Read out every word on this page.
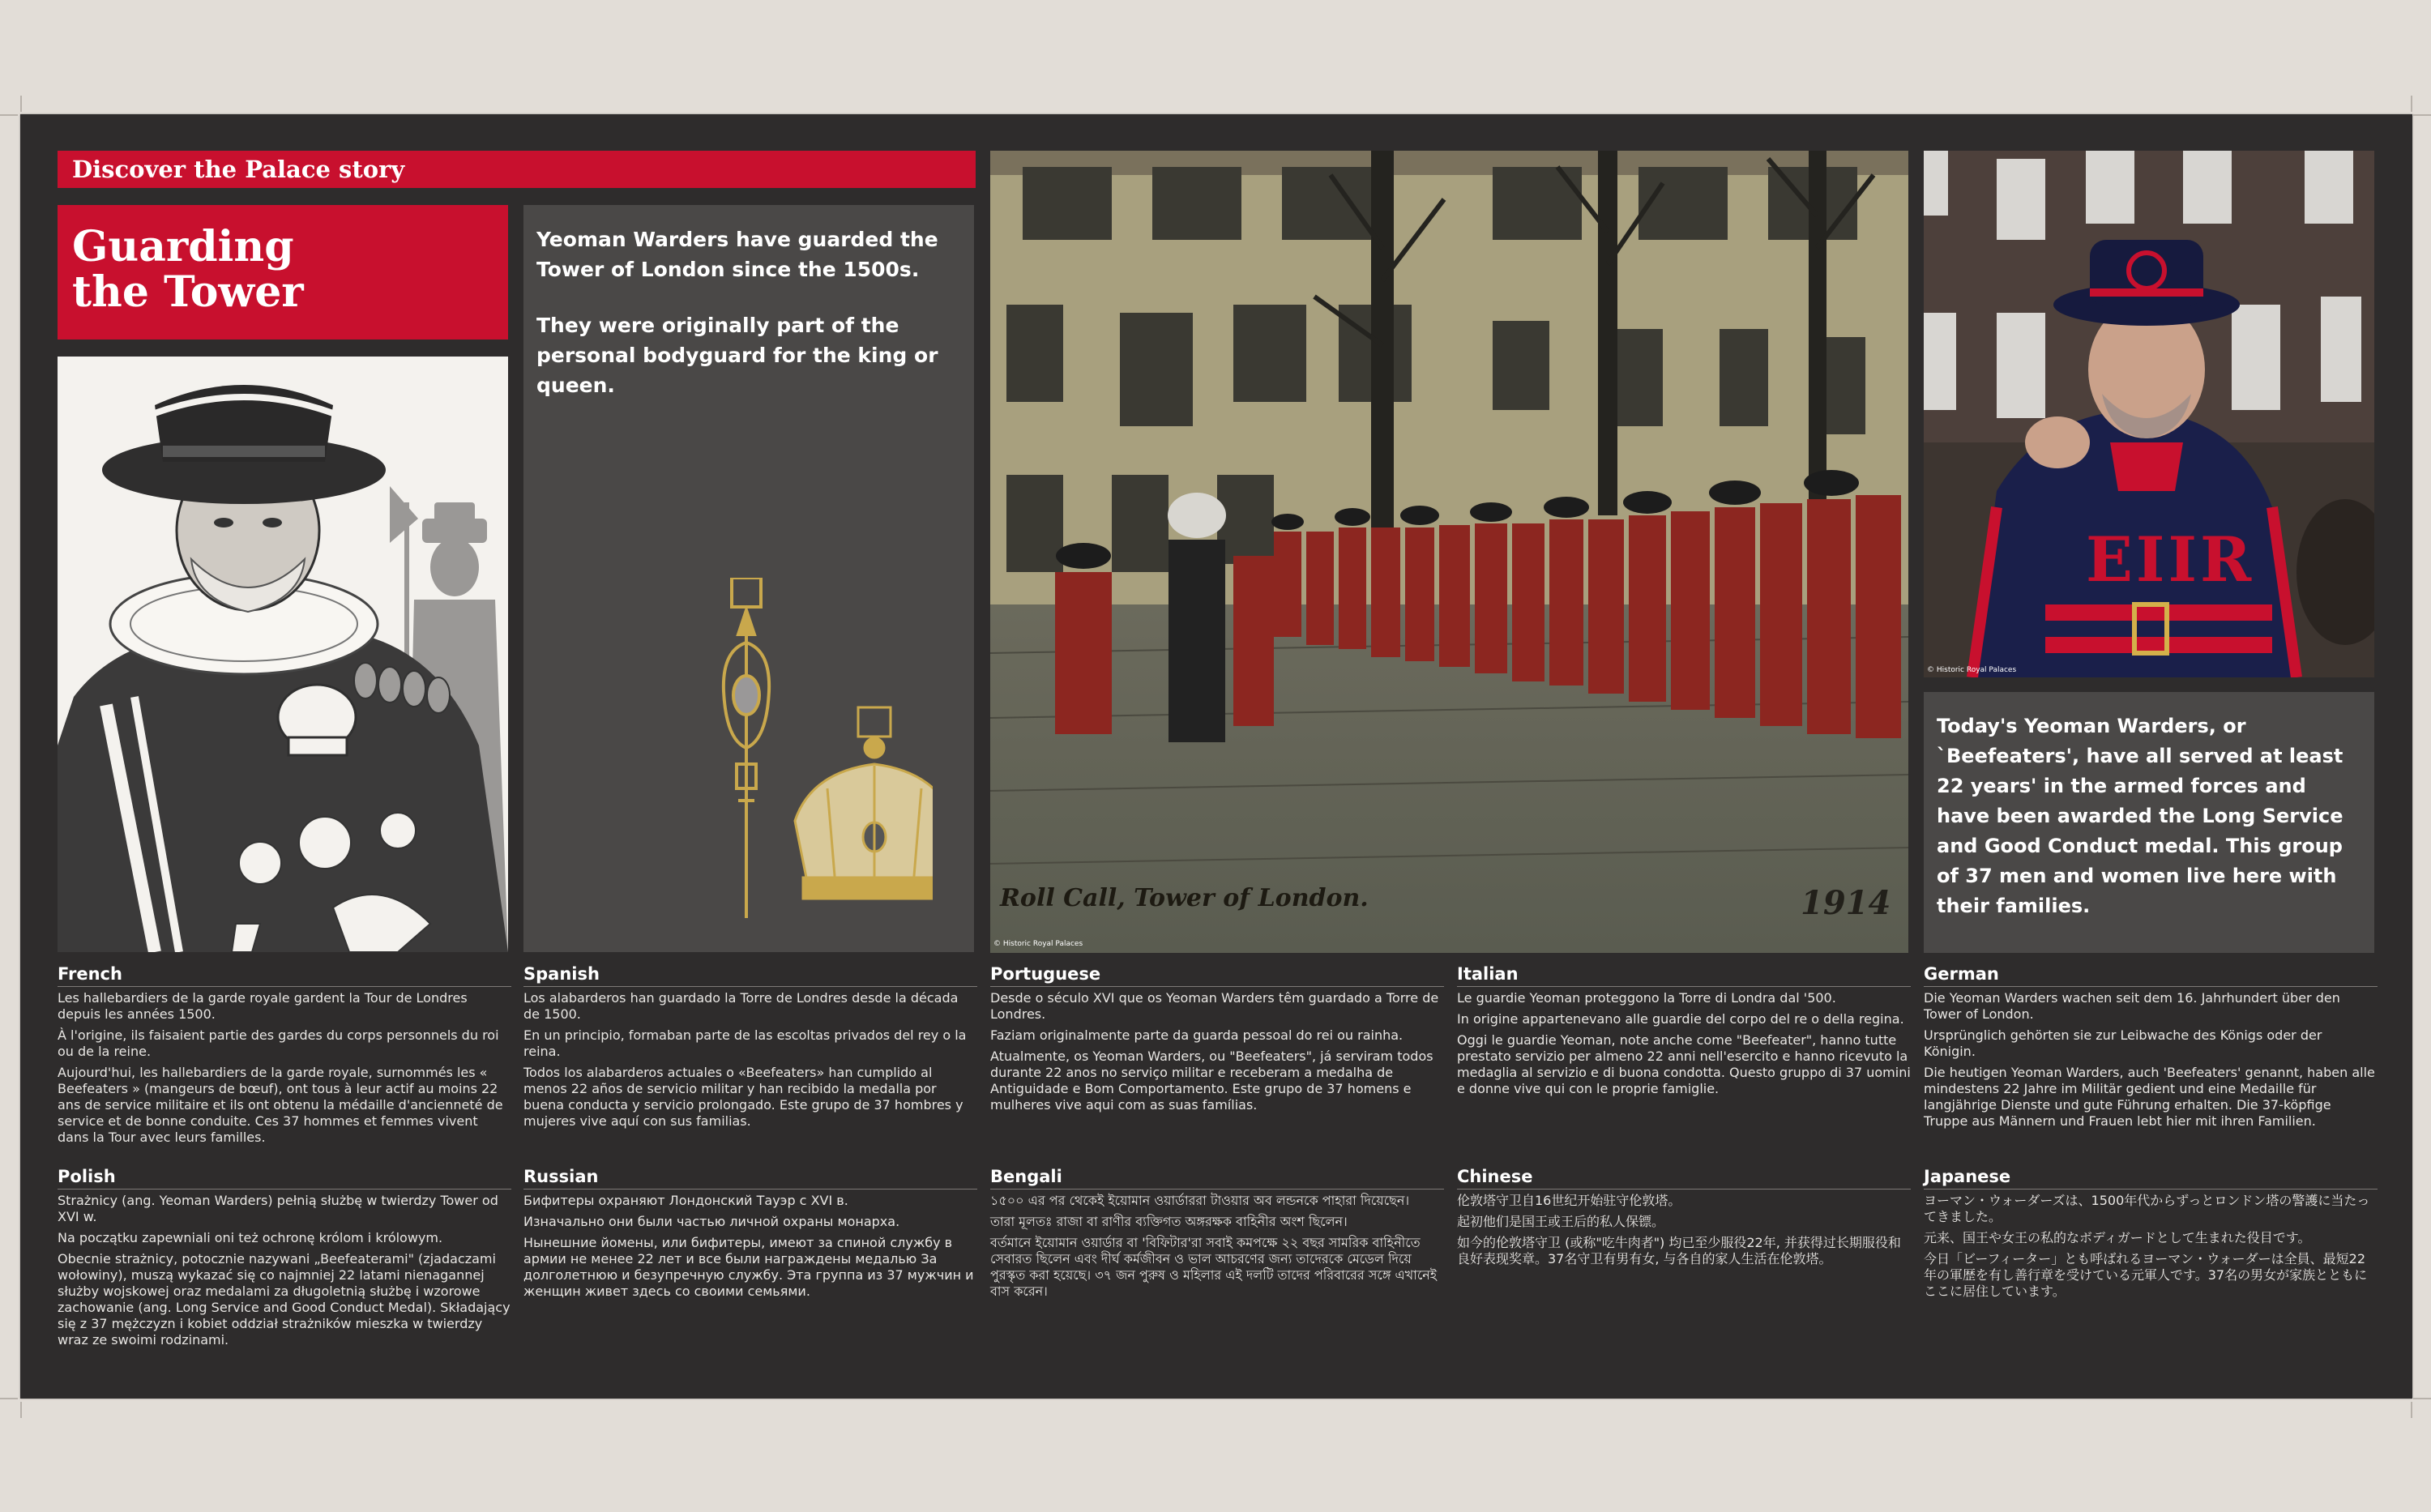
Discover the Palace story
Guarding
the Tower

Yeoman Warders have guarded the Tower of London since the 1500s.

They were originally part of the personal bodyguard for the king or queen.

Roll Call, Tower of London.	1914
© Historic Royal Palaces
EIIR
© Historic Royal Palaces
Today's Yeoman Warders, or `Beefeaters', have all served at least 22 years' in the armed forces and have been awarded the Long Service and Good Conduct medal. This group of 37 men and women live here with their families.
French

Les hallebardiers de la garde royale gardent la Tour de Londres depuis les années 1500.

À l'origine, ils faisaient partie des gardes du corps personnels du roi ou de la reine.

Aujourd'hui, les hallebardiers de la garde royale, surnommés les « Beefeaters » (mangeurs de bœuf), ont tous à leur actif au moins 22 ans de service militaire et ils ont obtenu la médaille d'ancienneté de service et de bonne conduite. Ces 37 hommes et femmes vivent dans la Tour avec leurs familles.

Spanish

Los alabarderos han guardado la Torre de Londres desde la década de 1500.

En un principio, formaban parte de las escoltas privados del rey o la reina.

Todos los alabarderos actuales o «Beefeaters» han cumplido al menos 22 años de servicio militar y han recibido la medalla por buena conducta y servicio prolongado. Este grupo de 37 hombres y mujeres vive aquí con sus familias.

Portuguese

Desde o século XVI que os Yeoman Warders têm guardado a Torre de Londres.

Faziam originalmente parte da guarda pessoal do rei ou rainha.

Atualmente, os Yeoman Warders, ou "Beefeaters", já serviram todos durante 22 anos no serviço militar e receberam a medalha de Antiguidade e Bom Comportamento. Este grupo de 37 homens e mulheres vive aqui com as suas famílias.

Italian

Le guardie Yeoman proteggono la Torre di Londra dal '500.

In origine appartenevano alle guardie del corpo del re o della regina.

Oggi le guardie Yeoman, note anche come "Beefeater", hanno tutte prestato servizio per almeno 22 anni nell'esercito e hanno ricevuto la medaglia al servizio e di buona condotta. Questo gruppo di 37 uomini e donne vive qui con le proprie famiglie.

German

Die Yeoman Warders wachen seit dem 16. Jahrhundert über den Tower of London.

Ursprünglich gehörten sie zur Leibwache des Königs oder der Königin.

Die heutigen Yeoman Warders, auch 'Beefeaters' genannt, haben alle mindestens 22 Jahre im Militär gedient und eine Medaille für langjährige Dienste und gute Führung erhalten. Die 37-köpfige Truppe aus Männern und Frauen lebt hier mit ihren Familien.

Polish

Strażnicy (ang. Yeoman Warders) pełnią służbę w twierdzy Tower od XVI w.

Na początku zapewniali oni też ochronę królom i królowym.

Obecnie strażnicy, potocznie nazywani „Beefeaterami" (zjadaczami wołowiny), muszą wykazać się co najmniej 22 latami nienagannej służby wojskowej oraz medalami za długoletnią służbę i wzorowe zachowanie (ang. Long Service and Good Conduct Medal). Składający się z 37 mężczyzn i kobiet oddział strażników mieszka w twierdzy wraz ze swoimi rodzinami.

Russian

Бифитеры охраняют Лондонский Тауэр с XVI в.

Изначально они были частью личной охраны монарха.

Нынешние йомены, или бифитеры, имеют за спиной службу в армии не менее 22 лет и все были награждены медалью За долголетнюю и безупречную службу. Эта группа из 37 мужчин и женщин живет здесь со своими семьями.

Bengali

১৫০০ এর পর থেকেই ইয়োমান ওয়ার্ডাররা টাওয়ার অব লন্ডনকে পাহারা দিয়েছেন।

তারা মূলতঃ রাজা বা রাণীর ব্যক্তিগত অঙ্গরক্ষক বাহিনীর অংশ ছিলেন।

বর্তমানে ইয়োমান ওয়ার্ডার বা 'বিফিটার'রা সবাই কমপক্ষে ২২ বছর সামরিক বাহিনীতে সেবারত ছিলেন এবং দীর্ঘ কর্মজীবন ও ভাল আচরণের জন্য তাদেরকে মেডেল দিয়ে পুরস্কৃত করা হয়েছে। ৩৭ জন পুরুষ ও মহিলার এই দলটি তাদের পরিবারের সঙ্গে এখানেই বাস করেন।

Chinese

伦敦塔守卫自16世纪开始驻守伦敦塔。

起初他们是国王或王后的私人保镖。

如今的伦敦塔守卫 (或称"吃牛肉者") 均已至少服役22年, 并获得过长期服役和良好表现奖章。37名守卫有男有女, 与各自的家人生活在伦敦塔。

Japanese

ヨーマン・ウォーダーズは、1500年代からずっとロンドン塔の警護に当たってきました。

元来、国王や女王の私的なボディガードとして生まれた役目です。

今日「ビーフィーター」とも呼ばれるヨーマン・ウォーダーは全員、最短22年の軍歴を有し善行章を受けている元軍人です。37名の男女が家族とともにここに居住しています。
